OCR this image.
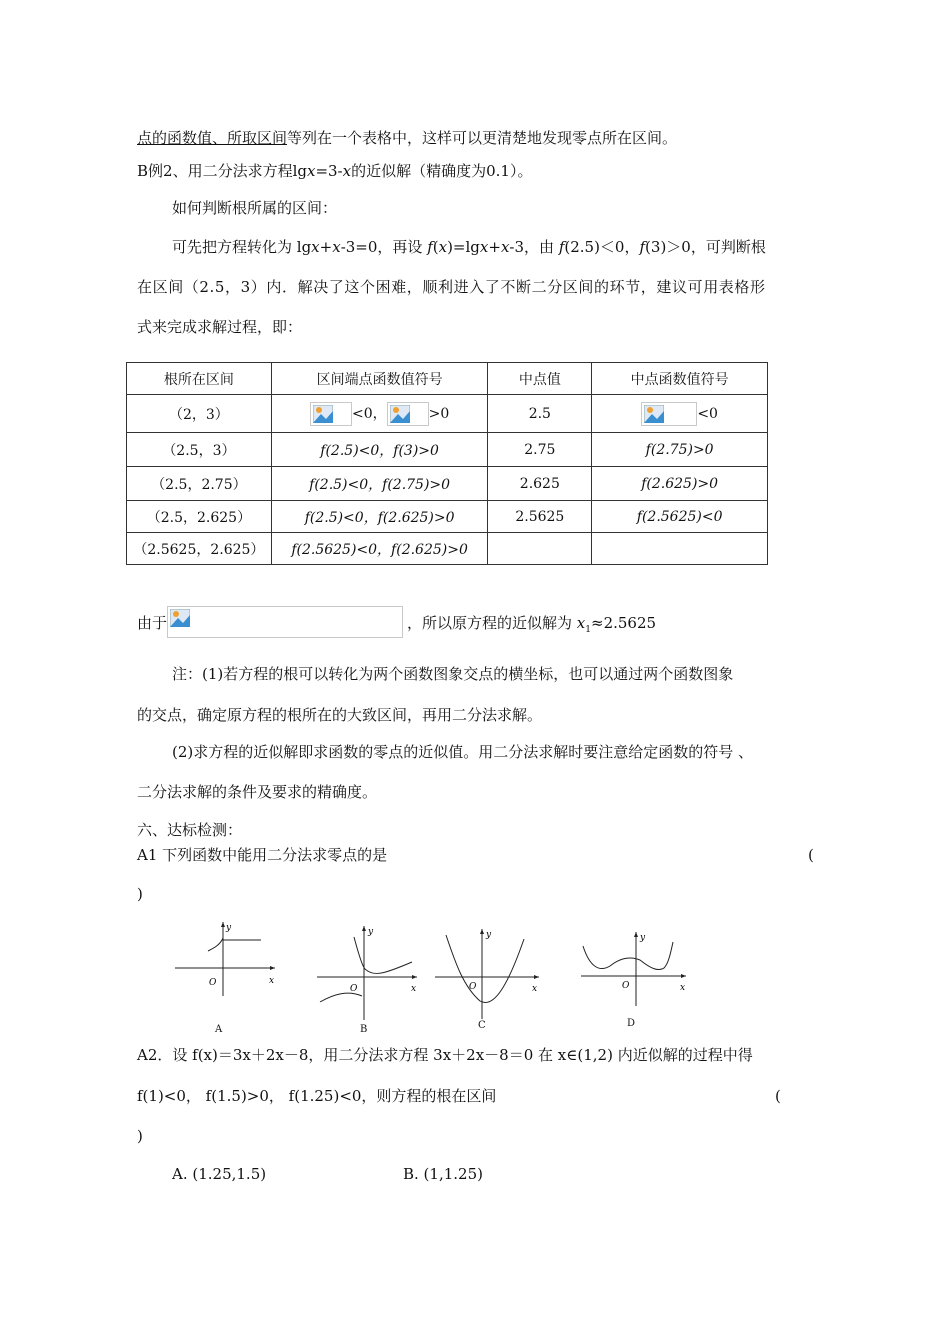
点的函数值、所取区间等列在一个表格中，这样可以更清楚地发现零点所在区间。
B例2、用二分法求方程lgx=3-x的近似解（精确度为0.1）。
如何判断根所属的区间：
可先把方程转化为 lgx+x-3=0，再设 f(x)=lgx+x-3，由 f(2.5)＜0，f(3)＞0，可判断根
在区间（2.5，3）内．解决了这个困难，顺利进入了不断二分区间的环节，建议可用表格形
式来完成求解过程，即：
根所在区间	区间端点函数值符号	中点值	中点函数值符号
（2，3）	<0， >0	2.5	<0
（2.5，3）	f(2.5)<0，f(3)>0	2.75	f(2.75)>0
（2.5，2.75）	f(2.5)<0，f(2.75)>0	2.625	f(2.625)>0
（2.5，2.625）	f(2.5)<0，f(2.625)>0	2.5625	f(2.5625)<0
（2.5625，2.625）	f(2.5625)<0，f(2.625)>0		
由于	，所以原方程的近似解为 $x_1\approx 2.5625$
注：(1)若方程的根可以转化为两个函数图象交点的横坐标，也可以通过两个函数图象
的交点，确定原方程的根所在的大致区间，再用二分法求解。
(2)求方程的近似解即求函数的零点的近似值。用二分法求解时要注意给定函数的符号 、
二分法求解的条件及要求的精确度。
六、达标检测：
A1 下列函数中能用二分法求零点的是	(
)
y
x
O
A
y
x
O
B
y
x
O
C
y
x
O
D
A2．设 f(x)＝3x＋2x－8，用二分法求方程 3x＋2x－8＝0 在 x∈(1,2) 内近似解的过程中得
f(1)<0， f(1.5)>0， f(1.25)<0，则方程的根在区间	(
)
A. (1.25,1.5)	B. (1,1.25)
